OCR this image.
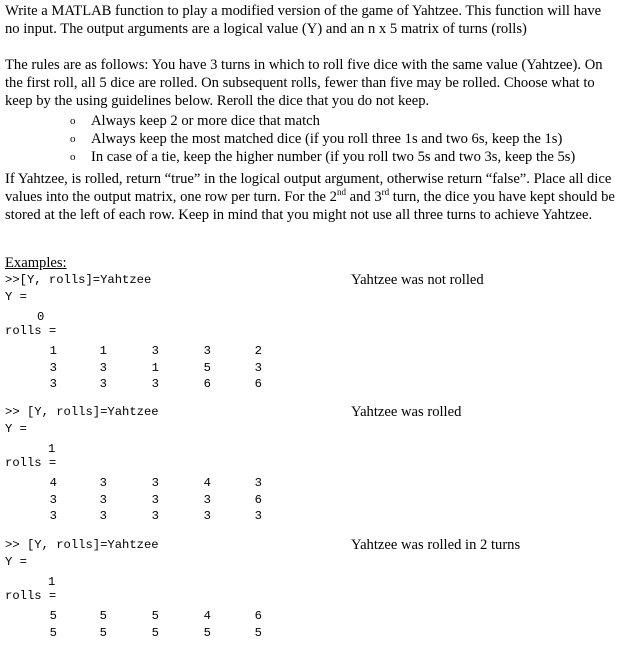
Write a MATLAB function to play a modified version of the game of Yahtzee. This function will have no input. The output arguments are a logical value (Y) and an n x 5 matrix of turns (rolls)

The rules are as follows: You have 3 turns in which to roll five dice with the same value (Yahtzee). On the first roll, all 5 dice are rolled. On subsequent rolls, fewer than five may be rolled. Choose what to keep by the using guidelines below. Reroll the dice that you do not keep.

o Always keep 2 or more dice that match
o Always keep the most matched dice (if you roll three 1s and two 6s, keep the 1s)
o In case of a tie, keep the higher number (if you roll two 5s and two 3s, keep the 5s)

If Yahtzee, is rolled, return “true” in the logical output argument, otherwise return “false”. Place all dice values into the output matrix, one row per turn. For the 2nd and 3rd turn, the dice you have kept should be stored at the left of each row. Keep in mind that you might not use all three turns to achieve Yahtzee.

Examples:
>>[Y, rolls]=Yahtzee	Yahtzee was not rolled
Y =
0
rolls =
1	1	3	3	2
3	3	1	5	3
3	3	3	6	6
>> [Y, rolls]=Yahtzee	Yahtzee was rolled
Y =
1
rolls =
4	3	3	4	3
3	3	3	3	6
3	3	3	3	3
>> [Y, rolls]=Yahtzee	Yahtzee was rolled in 2 turns
Y =
1
rolls =
5	5	5	4	6
5	5	5	5	5
